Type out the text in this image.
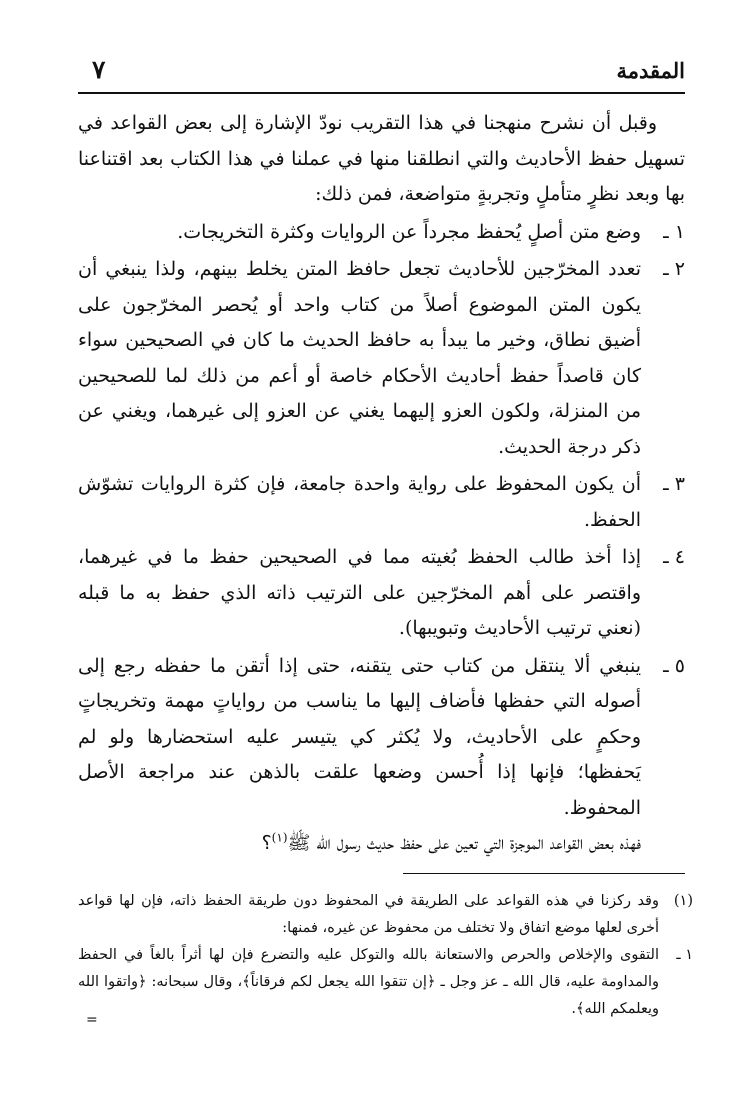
المقدمة
٧

وقبل أن نشرح منهجنا في هذا التقريب نودّ الإشارة إلى بعض القواعد في تسهيل حفظ الأحاديث والتي انطلقنا منها في عملنا في هذا الكتاب بعد اقتناعنا بها وبعد نظرٍ متأملٍ وتجربةٍ متواضعة، فمن ذلك:

١ ـ
وضع متن أصلٍ يُحفظ مجرداً عن الروايات وكثرة التخريجات.
٢ ـ
تعدد المخرّجين للأحاديث تجعل حافظ المتن يخلط بينهم، ولذا ينبغي أن يكون المتن الموضوع أصلاً من كتاب واحد أو يُحصر المخرّجون على أضيق نطاق، وخير ما يبدأ به حافظ الحديث ما كان في الصحيحين سواء كان قاصداً حفظ أحاديث الأحكام خاصة أو أعم من ذلك لما للصحيحين من المنزلة، ولكون العزو إليهما يغني عن العزو إلى غيرهما، ويغني عن ذكر درجة الحديث.
٣ ـ
أن يكون المحفوظ على رواية واحدة جامعة، فإن كثرة الروايات تشوّش الحفظ.
٤ ـ
إذا أخذ طالب الحفظ بُغيته مما في الصحيحين حفظ ما في غيرهما، واقتصر على أهم المخرّجين على الترتيب ذاته الذي حفظ به ما قبله (نعني ترتيب الأحاديث وتبويبها).
٥ ـ
ينبغي ألا ينتقل من كتاب حتى يتقنه، حتى إذا أتقن ما حفظه رجع إلى أصوله التي حفظها فأضاف إليها ما يناسب من رواياتٍ مهمة وتخريجاتٍ وحكمٍ على الأحاديث، ولا يُكثر كي يتيسر عليه استحضارها ولو لم يَحفظها؛ فإنها إذا أُحسن وضعها علقت بالذهن عند مراجعة الأصل المحفوظ.

فهذه بعض القواعد الموجزة التي تعين على حفظ حديث رسول الله ﷺ$^{(١)}$؟

(١)
وقد ركزنا في هذه القواعد على الطريقة في المحفوظ دون طريقة الحفظ ذاته، فإن لها قواعد أخرى لعلها موضع اتفاق ولا تختلف من محفوظ عن غيره، فمنها:
١ ـ
التقوى والإخلاص والحرص والاستعانة بالله والتوكل عليه والتضرع فإن لها أثراً بالغاً في الحفظ والمداومة عليه، قال الله ـ عز وجل ـ ﴿إن تتقوا الله يجعل لكم فرقاناً﴾، وقال سبحانه: ﴿واتقوا الله ويعلمكم الله﴾.
=
